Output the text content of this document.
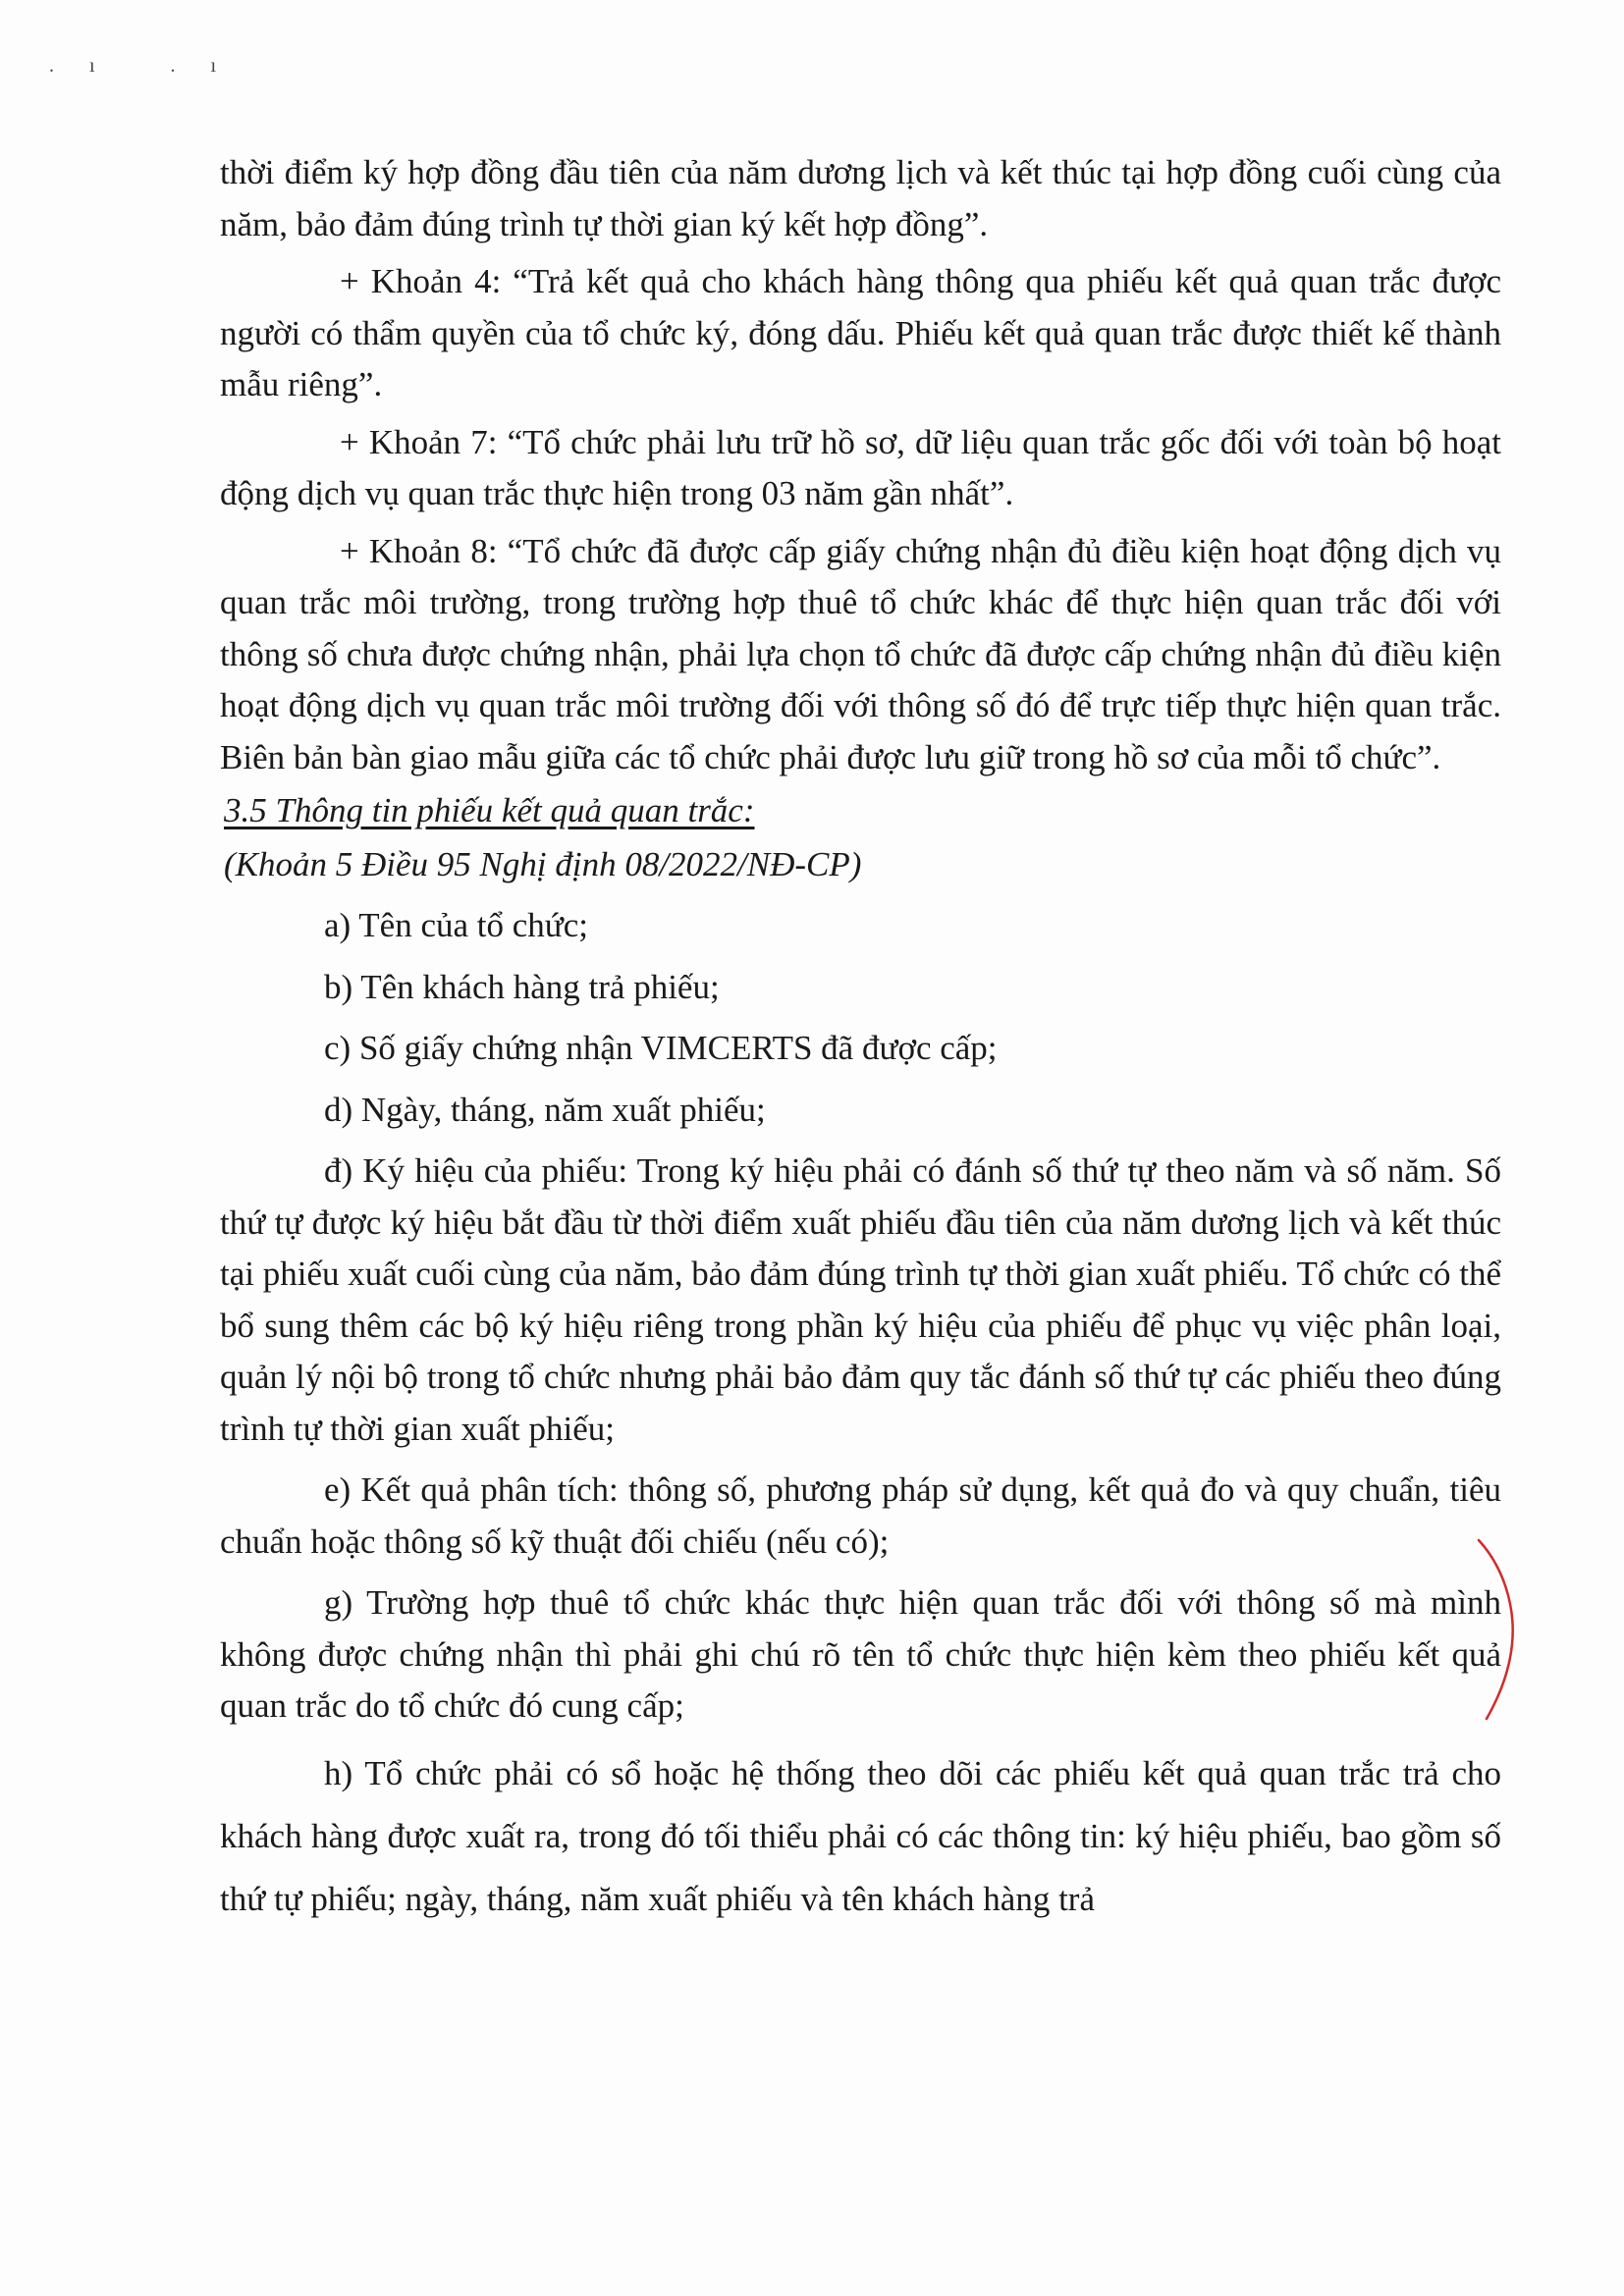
.ı .ı

thời điểm ký hợp đồng đầu tiên của năm dương lịch và kết thúc tại hợp đồng cuối cùng của năm, bảo đảm đúng trình tự thời gian ký kết hợp đồng”.

+ Khoản 4: “Trả kết quả cho khách hàng thông qua phiếu kết quả quan trắc được người có thẩm quyền của tổ chức ký, đóng dấu. Phiếu kết quả quan trắc được thiết kế thành mẫu riêng”.

+ Khoản 7: “Tổ chức phải lưu trữ hồ sơ, dữ liệu quan trắc gốc đối với toàn bộ hoạt động dịch vụ quan trắc thực hiện trong 03 năm gần nhất”.

+ Khoản 8: “Tổ chức đã được cấp giấy chứng nhận đủ điều kiện hoạt động dịch vụ quan trắc môi trường, trong trường hợp thuê tổ chức khác để thực hiện quan trắc đối với thông số chưa được chứng nhận, phải lựa chọn tổ chức đã được cấp chứng nhận đủ điều kiện hoạt động dịch vụ quan trắc môi trường đối với thông số đó để trực tiếp thực hiện quan trắc. Biên bản bàn giao mẫu giữa các tổ chức phải được lưu giữ trong hồ sơ của mỗi tổ chức”.

3.5 Thông tin phiếu kết quả quan trắc:

(Khoản 5 Điều 95 Nghị định 08/2022/NĐ-CP)

a) Tên của tổ chức;

b) Tên khách hàng trả phiếu;

c) Số giấy chứng nhận VIMCERTS đã được cấp;

d) Ngày, tháng, năm xuất phiếu;

đ) Ký hiệu của phiếu: Trong ký hiệu phải có đánh số thứ tự theo năm và số năm. Số thứ tự được ký hiệu bắt đầu từ thời điểm xuất phiếu đầu tiên của năm dương lịch và kết thúc tại phiếu xuất cuối cùng của năm, bảo đảm đúng trình tự thời gian xuất phiếu. Tổ chức có thể bổ sung thêm các bộ ký hiệu riêng trong phần ký hiệu của phiếu để phục vụ việc phân loại, quản lý nội bộ trong tổ chức nhưng phải bảo đảm quy tắc đánh số thứ tự các phiếu theo đúng trình tự thời gian xuất phiếu;

e) Kết quả phân tích: thông số, phương pháp sử dụng, kết quả đo và quy chuẩn, tiêu chuẩn hoặc thông số kỹ thuật đối chiếu (nếu có);

g) Trường hợp thuê tổ chức khác thực hiện quan trắc đối với thông số mà mình không được chứng nhận thì phải ghi chú rõ tên tổ chức thực hiện kèm theo phiếu kết quả quan trắc do tổ chức đó cung cấp;

h) Tổ chức phải có sổ hoặc hệ thống theo dõi các phiếu kết quả quan trắc trả cho khách hàng được xuất ra, trong đó tối thiểu phải có các thông tin: ký hiệu phiếu, bao gồm số thứ tự phiếu; ngày, tháng, năm xuất phiếu và tên khách hàng trả
